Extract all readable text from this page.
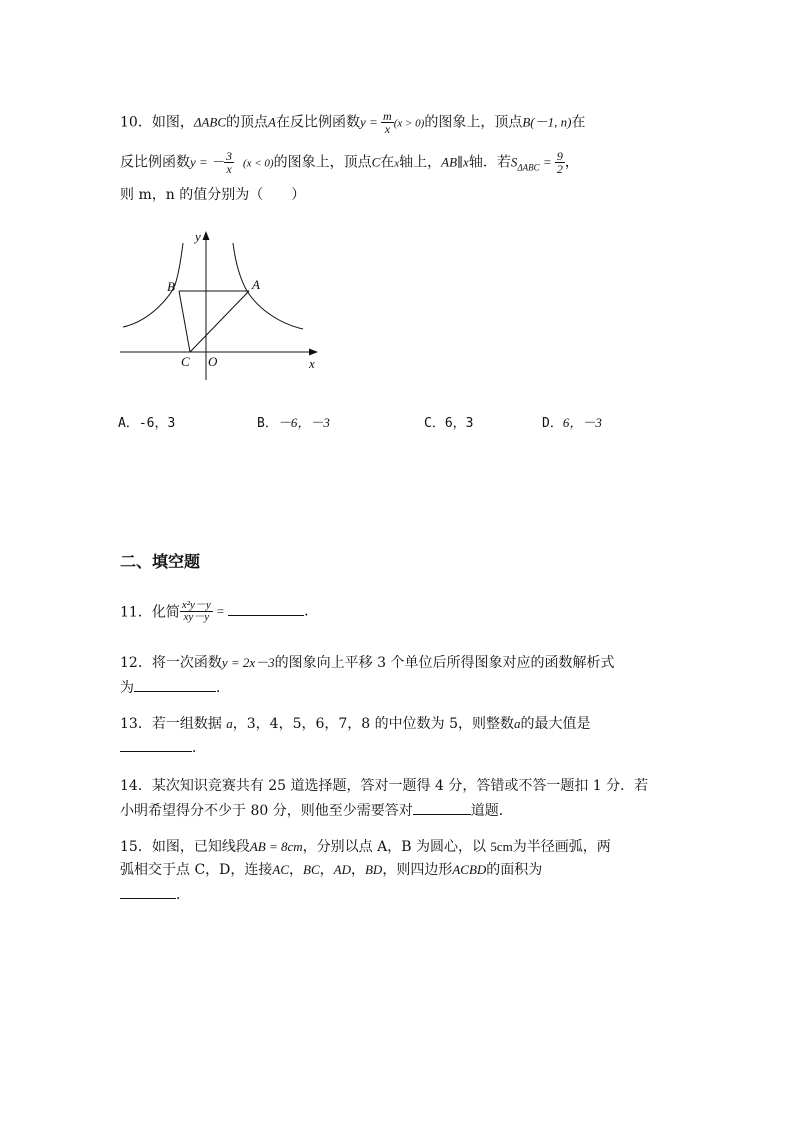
10．如图，ΔABC的顶点A在反比例函数$y = \frac{m}{x} (x > 0)$的图象上，顶点B(－1, n)在
反比例函数y = － $\frac{3}{x} (x < 0)$的图象上，顶点C在x轴上，AB∥x轴．若$S_{\Delta ABC} = \frac{9}{2}$ ，
则 m，n 的值分别为（　　）
y
x
B	A
C O
A．-6，3	B．－6，－3	C．6，3	D．6，－3
二、填空题
11．化简 $\frac{\text{x²y－y}}{xy-y}$ =	．
12．将一次函数y = 2x－3的图象向上平移 3 个单位后所得图象对应的函数解析式
为	．
13．若一组数据 a，3，4，5，6，7，8 的中位数为 5，则整数a的最大值是
．
14．某次知识竞赛共有 25 道选择题，答对一题得 4 分，答错或不答一题扣 1 分．若
小明希望得分不少于 80 分，则他至少需要答对	道题．
15．如图，已知线段AB = 8cm，分别以点 A，B 为圆心，以 5cm为半径画弧，两
弧相交于点 C，D，连接AC，BC，AD，BD，则四边形ACBD的面积为
．
